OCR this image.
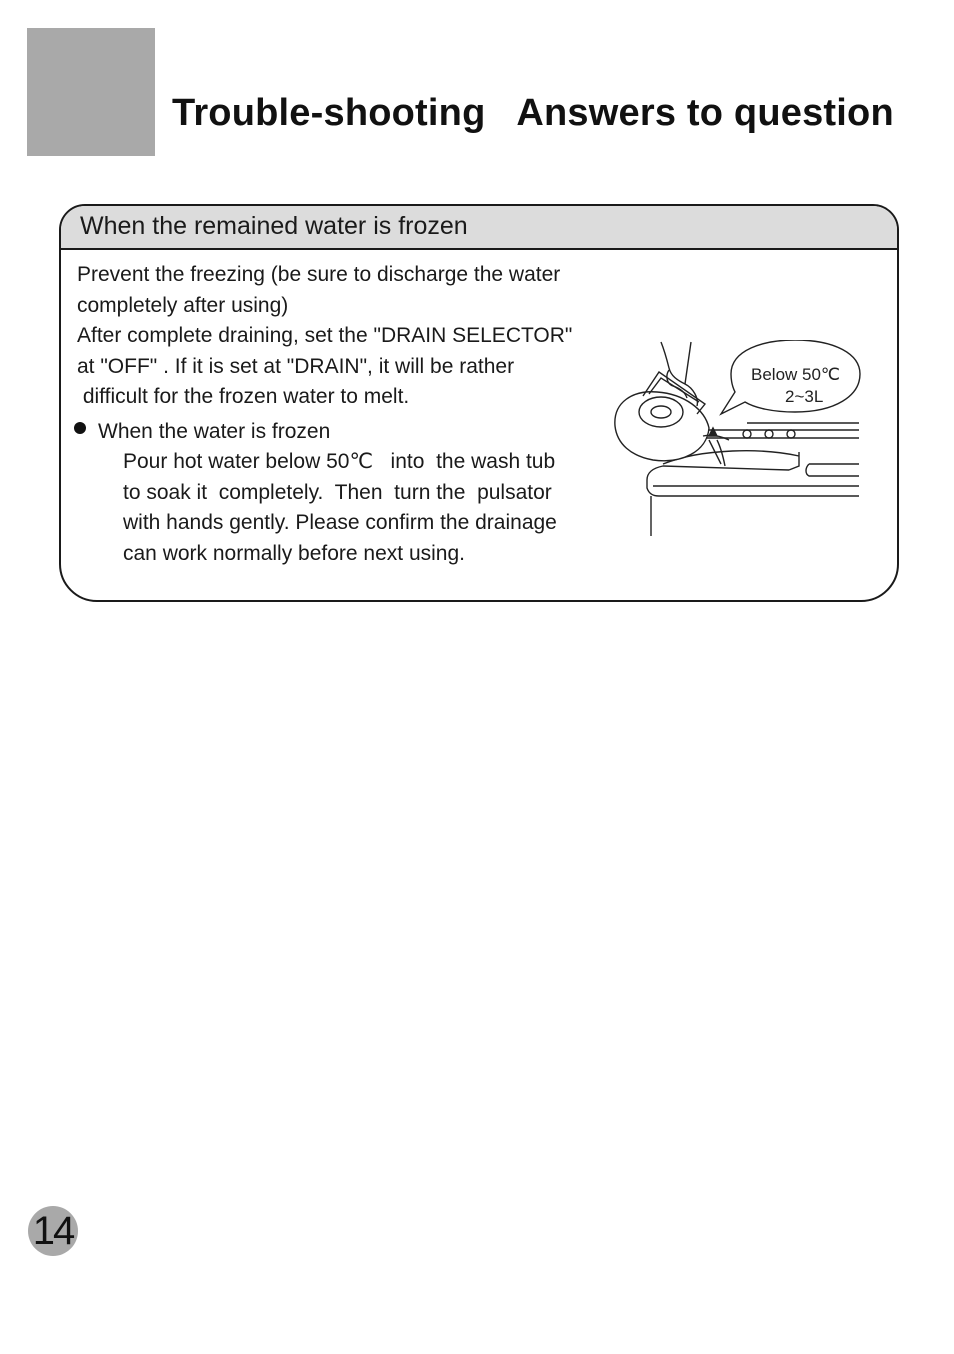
Trouble-shooting   Answers to question
When the remained water is frozen
Prevent the freezing (be sure to discharge the water
completely after using)
After complete draining, set the "DRAIN SELECTOR"
at "OFF" . If it is set at "DRAIN", it will be rather
difficult for the frozen water to melt.
When the water is frozen
Pour hot water below 50℃   into  the wash tub
to soak it  completely.  Then  turn the  pulsator
with hands gently. Please confirm the drainage
can work normally before next using.
Below 50℃
2~3L
14
